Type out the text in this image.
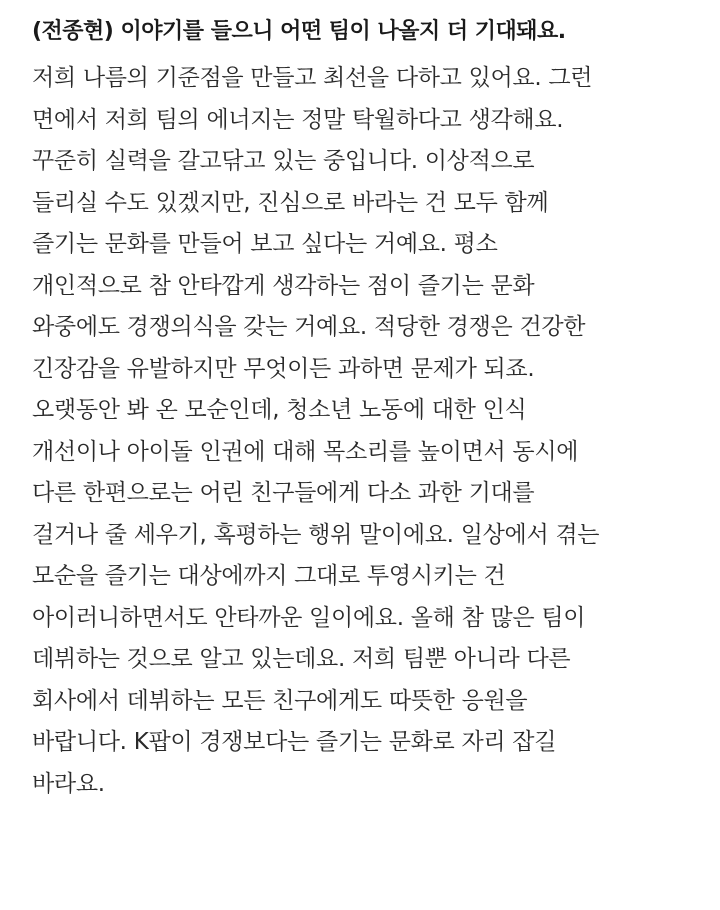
(전종현) 이야기를 들으니 어떤 팀이 나올지 더 기대돼요.
저희 나름의 기준점을 만들고 최선을 다하고 있어요. 그런
면에서 저희 팀의 에너지는 정말 탁월하다고 생각해요.
꾸준히 실력을 갈고닦고 있는 중입니다. 이상적으로
들리실 수도 있겠지만, 진심으로 바라는 건 모두 함께
즐기는 문화를 만들어 보고 싶다는 거예요. 평소
개인적으로 참 안타깝게 생각하는 점이 즐기는 문화
와중에도 경쟁의식을 갖는 거예요. 적당한 경쟁은 건강한
긴장감을 유발하지만 무엇이든 과하면 문제가 되죠.
오랫동안 봐 온 모순인데, 청소년 노동에 대한 인식
개선이나 아이돌 인권에 대해 목소리를 높이면서 동시에
다른 한편으로는 어린 친구들에게 다소 과한 기대를
걸거나 줄 세우기, 혹평하는 행위 말이에요. 일상에서 겪는
모순을 즐기는 대상에까지 그대로 투영시키는 건
아이러니하면서도 안타까운 일이에요. 올해 참 많은 팀이
데뷔하는 것으로 알고 있는데요. 저희 팀뿐 아니라 다른
회사에서 데뷔하는 모든 친구에게도 따뜻한 응원을
바랍니다. K팝이 경쟁보다는 즐기는 문화로 자리 잡길
바라요.
